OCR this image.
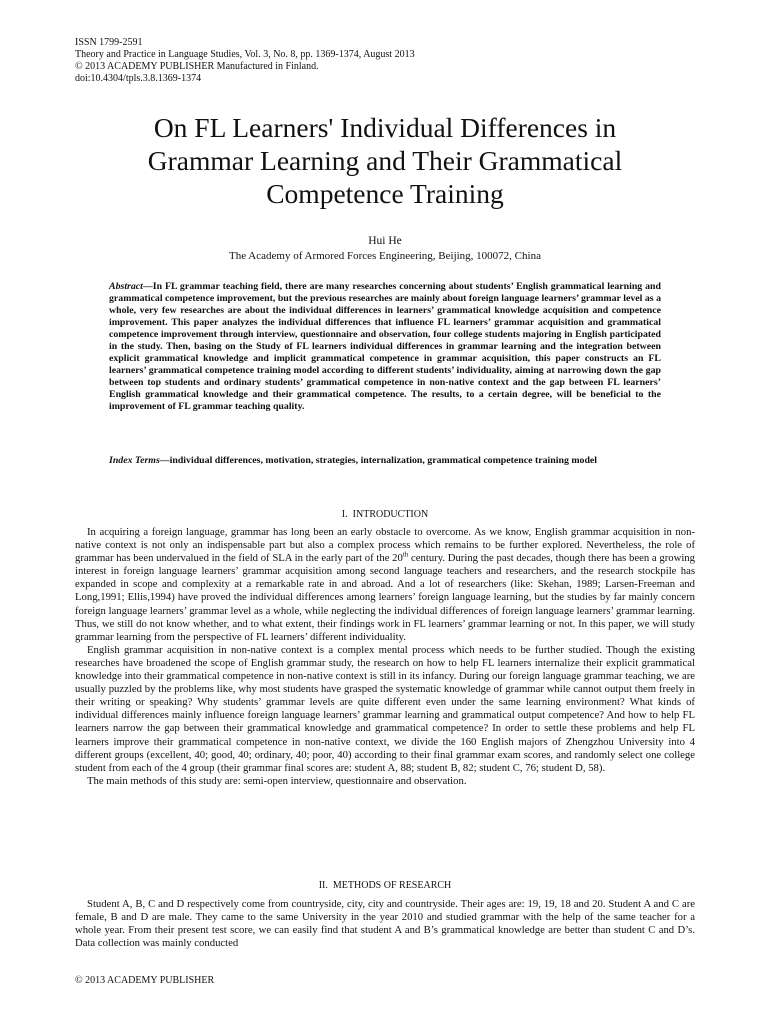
ISSN 1799-2591
Theory and Practice in Language Studies, Vol. 3, No. 8, pp. 1369-1374, August 2013
© 2013 ACADEMY PUBLISHER Manufactured in Finland.
doi:10.4304/tpls.3.8.1369-1374
On FL Learners' Individual Differences in
Grammar Learning and Their Grammatical
Competence Training
Hui He
The Academy of Armored Forces Engineering, Beijing, 100072, China
Abstract—In FL grammar teaching field, there are many researches concerning about students’ English grammatical learning and grammatical competence improvement, but the previous researches are mainly about foreign language learners’ grammar level as a whole, very few researches are about the individual differences in learners’ grammatical knowledge acquisition and competence improvement. This paper analyzes the individual differences that influence FL learners’ grammar acquisition and grammatical competence improvement through interview, questionnaire and observation, four college students majoring in English participated in the study. Then, basing on the Study of FL learners individual differences in grammar learning and the integration between explicit grammatical knowledge and implicit grammatical competence in grammar acquisition, this paper constructs an FL learners’ grammatical competence training model according to different students’ individuality, aiming at narrowing down the gap between top students and ordinary students’ grammatical competence in non-native context and the gap between FL learners’ English grammatical knowledge and their grammatical competence. The results, to a certain degree, will be beneficial to the improvement of FL grammar teaching quality.
Index Terms—individual differences, motivation, strategies, internalization, grammatical competence training model
I. INTRODUCTION

In acquiring a foreign language, grammar has long been an early obstacle to overcome. As we know, English grammar acquisition in non-native context is not only an indispensable part but also a complex process which remains to be further explored. Nevertheless, the role of grammar has been undervalued in the field of SLA in the early part of the 20th century. During the past decades, though there has been a growing interest in foreign language learners’ grammar acquisition among second language teachers and researchers, and the research stockpile has expanded in scope and complexity at a remarkable rate in and abroad. And a lot of researchers (like: Skehan, 1989; Larsen-Freeman and Long,1991; Ellis,1994) have proved the individual differences among learners’ foreign language learning, but the studies by far mainly concern foreign language learners’ grammar level as a whole, while neglecting the individual differences of foreign language learners’ grammar learning. Thus, we still do not know whether, and to what extent, their findings work in FL learners’ grammar learning or not. In this paper, we will study grammar learning from the perspective of FL learners’ different individuality.

English grammar acquisition in non-native context is a complex mental process which needs to be further studied. Though the existing researches have broadened the scope of English grammar study, the research on how to help FL learners internalize their explicit grammatical knowledge into their grammatical competence in non-native context is still in its infancy. During our foreign language grammar teaching, we are usually puzzled by the problems like, why most students have grasped the systematic knowledge of grammar while cannot output them freely in their writing or speaking? Why students’ grammar levels are quite different even under the same learning environment? What kinds of individual differences mainly influence foreign language learners’ grammar learning and grammatical output competence? And how to help FL learners narrow the gap between their grammatical knowledge and grammatical competence? In order to settle these problems and help FL learners improve their grammatical competence in non-native context, we divide the 160 English majors of Zhengzhou University into 4 different groups (excellent, 40; good, 40; ordinary, 40; poor, 40) according to their final grammar exam scores, and randomly select one college student from each of the 4 group (their grammar final scores are: student A, 88; student B, 82; student C, 76; student D, 58).

The main methods of this study are: semi-open interview, questionnaire and observation.

II. METHODS OF RESEARCH

Student A, B, C and D respectively come from countryside, city, city and countryside. Their ages are: 19, 19, 18 and 20. Student A and C are female, B and D are male. They came to the same University in the year 2010 and studied grammar with the help of the same teacher for a whole year. From their present test score, we can easily find that student A and B’s grammatical knowledge are better than student C and D’s. Data collection was mainly conducted

© 2013 ACADEMY PUBLISHER
